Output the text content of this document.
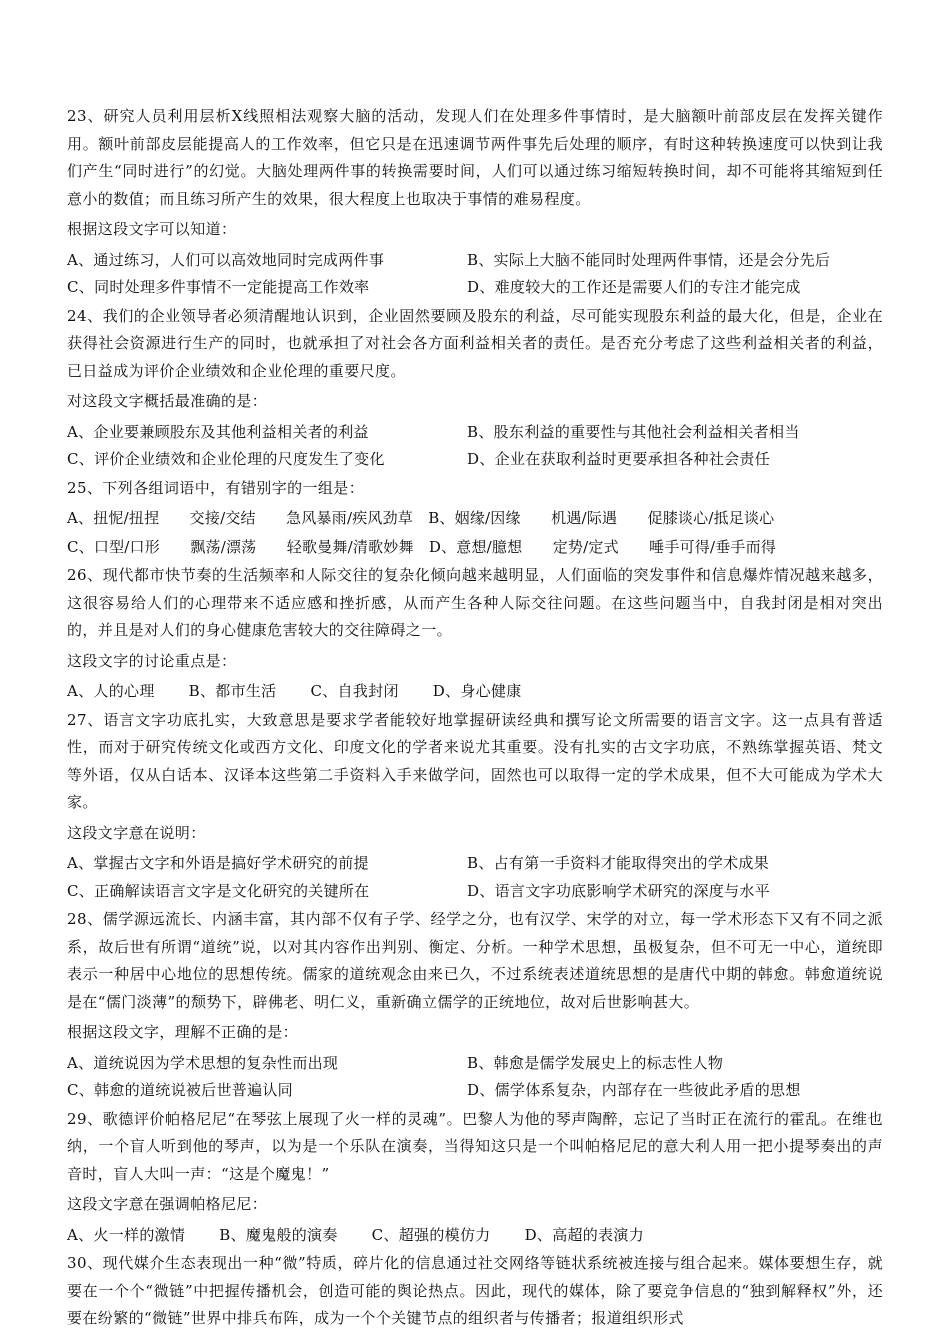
23、研究人员利用层析X线照相法观察大脑的活动，发现人们在处理多件事情时，是大脑额叶前部皮层在发挥关键作用。额叶前部皮层能提高人的工作效率，但它只是在迅速调节两件事先后处理的顺序，有时这种转换速度可以快到让我们产生“同时进行”的幻觉。大脑处理两件事的转换需要时间，人们可以通过练习缩短转换时间，却不可能将其缩短到任意小的数值；而且练习所产生的效果，很大程度上也取决于事情的难易程度。

根据这段文字可以知道：

A、通过练习，人们可以高效地同时完成两件事	B、实际上大脑不能同时处理两件事情，还是会分先后
C、同时处理多件事情不一定能提高工作效率	D、难度较大的工作还是需要人们的专注才能完成

24、我们的企业领导者必须清醒地认识到，企业固然要顾及股东的利益，尽可能实现股东利益的最大化，但是，企业在获得社会资源进行生产的同时，也就承担了对社会各方面利益相关者的责任。是否充分考虑了这些利益相关者的利益，已日益成为评价企业绩效和企业伦理的重要尺度。

对这段文字概括最准确的是：

A、企业要兼顾股东及其他利益相关者的利益	B、股东利益的重要性与其他社会利益相关者相当
C、评价企业绩效和企业伦理的尺度发生了变化	D、企业在获取利益时更要承担各种社会责任

25、下列各组词语中，有错别字的一组是：

A、扭怩/扭捏　　交接/交结　　急风暴雨/疾风劲草　B、姻缘/因缘　　机遇/际遇　　促膝谈心/抵足谈心
C、口型/口形　　飘荡/漂荡　　轻歌曼舞/清歌妙舞　D、意想/臆想　　定势/定式　　唾手可得/垂手而得

26、现代都市快节奏的生活频率和人际交往的复杂化倾向越来越明显，人们面临的突发事件和信息爆炸情况越来越多，这很容易给人们的心理带来不适应感和挫折感，从而产生各种人际交往问题。在这些问题当中，自我封闭是相对突出的，并且是对人们的身心健康危害较大的交往障碍之一。

这段文字的讨论重点是：

A、人的心理 B、都市生活 C、自我封闭 D、身心健康

27、语言文字功底扎实，大致意思是要求学者能较好地掌握研读经典和撰写论文所需要的语言文字。这一点具有普适性，而对于研究传统文化或西方文化、印度文化的学者来说尤其重要。没有扎实的古文字功底，不熟练掌握英语、梵文等外语，仅从白话本、汉译本这些第二手资料入手来做学问，固然也可以取得一定的学术成果，但不大可能成为学术大家。

这段文字意在说明：

A、掌握古文字和外语是搞好学术研究的前提	B、占有第一手资料才能取得突出的学术成果
C、正确解读语言文字是文化研究的关键所在	D、语言文字功底影响学术研究的深度与水平

28、儒学源远流长、内涵丰富，其内部不仅有子学、经学之分，也有汉学、宋学的对立，每一学术形态下又有不同之派系，故后世有所谓“道统”说，以对其内容作出判别、衡定、分析。一种学术思想，虽极复杂，但不可无一中心，道统即表示一种居中心地位的思想传统。儒家的道统观念由来已久，不过系统表述道统思想的是唐代中期的韩愈。韩愈道统说是在“儒门淡薄”的颓势下，辟佛老、明仁义，重新确立儒学的正统地位，故对后世影响甚大。

根据这段文字，理解不正确的是：

A、道统说因为学术思想的复杂性而出现	B、韩愈是儒学发展史上的标志性人物
C、韩愈的道统说被后世普遍认同	D、儒学体系复杂，内部存在一些彼此矛盾的思想

29、歌德评价帕格尼尼“在琴弦上展现了火一样的灵魂”。巴黎人为他的琴声陶醉，忘记了当时正在流行的霍乱。在维也纳，一个盲人听到他的琴声，以为是一个乐队在演奏，当得知这只是一个叫帕格尼尼的意大利人用一把小提琴奏出的声音时，盲人大叫一声：“这是个魔鬼！”

这段文字意在强调帕格尼尼：

A、火一样的激情 B、魔鬼般的演奏 C、超强的模仿力 D、高超的表演力

30、现代媒介生态表现出一种“微”特质，碎片化的信息通过社交网络等链状系统被连接与组合起来。媒体要想生存，就要在一个个“微链”中把握传播机会，创造可能的舆论热点。因此，现代的媒体，除了要竞争信息的“独到解释权”外，还要在纷繁的“微链”世界中排兵布阵，成为一个个关键节点的组织者与传播者；报道组织形式
